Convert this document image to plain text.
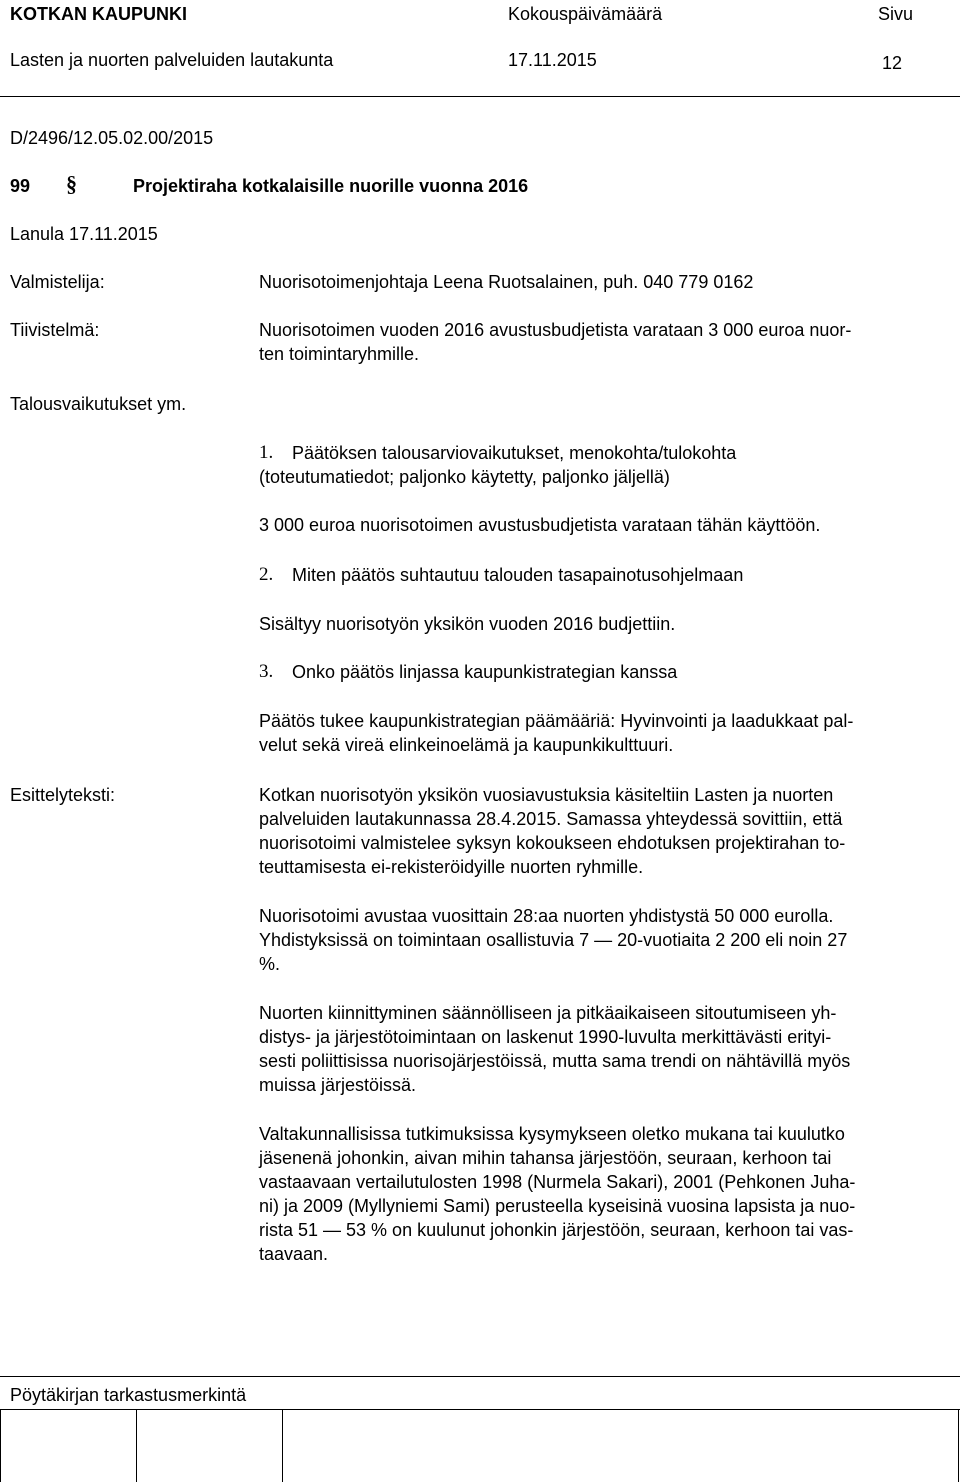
KOTKAN KAUPUNKI	Kokouspäivämäärä	Sivu
Lasten ja nuorten palveluiden lautakunta	17.11.2015	12
D/2496/12.05.02.00/2015
99 §	Projektiraha kotkalaisille nuorille vuonna 2016
Lanula 17.11.2015
Valmistelija:	Nuorisotoimenjohtaja Leena Ruotsalainen, puh. 040 779 0162
Tiivistelmä:	Nuorisotoimen vuoden 2016 avustusbudjetista varataan 3 000 euroa nuor-
ten toimintaryhmille.
Talousvaikutukset ym.
1. Päätöksen talousarviovaikutukset, menokohta/tulokohta
(toteutumatiedot; paljonko käytetty, paljonko jäljellä)
3 000 euroa nuorisotoimen avustusbudjetista varataan tähän käyttöön.
2. Miten päätös suhtautuu talouden tasapainotusohjelmaan
Sisältyy nuorisotyön yksikön vuoden 2016 budjettiin.
3. Onko päätös linjassa kaupunkistrategian kanssa
Päätös tukee kaupunkistrategian päämääriä: Hyvinvointi ja laadukkaat pal-
velut sekä vireä elinkeinoelämä ja kaupunkikulttuuri.
Esittelyteksti:	Kotkan nuorisotyön yksikön vuosiavustuksia käsiteltiin Lasten ja nuorten
palveluiden lautakunnassa 28.4.2015. Samassa yhteydessä sovittiin, että
nuorisotoimi valmistelee syksyn kokoukseen ehdotuksen projektirahan to-
teuttamisesta ei-rekisteröidyille nuorten ryhmille.
Nuorisotoimi avustaa vuosittain 28:aa nuorten yhdistystä 50 000 eurolla.
Yhdistyksissä on toimintaan osallistuvia 7 — 20-vuotiaita 2 200 eli noin 27
%.
Nuorten kiinnittyminen säännölliseen ja pitkäaikaiseen sitoutumiseen yh-
distys- ja järjestötoimintaan on laskenut 1990-luvulta merkittävästi erityi-
sesti poliittisissa nuorisojärjestöissä, mutta sama trendi on nähtävillä myös
muissa järjestöissä.
Valtakunnallisissa tutkimuksissa kysymykseen oletko mukana tai kuulutko
jäsenenä johonkin, aivan mihin tahansa järjestöön, seuraan, kerhoon tai
vastaavaan vertailutulosten 1998 (Nurmela Sakari), 2001 (Pehkonen Juha-
ni) ja 2009 (Myllyniemi Sami) perusteella kyseisinä vuosina lapsista ja nuo-
rista 51 — 53 % on kuulunut johonkin järjestöön, seuraan, kerhoon tai vas-
taavaan.
Pöytäkirjan tarkastusmerkintä
